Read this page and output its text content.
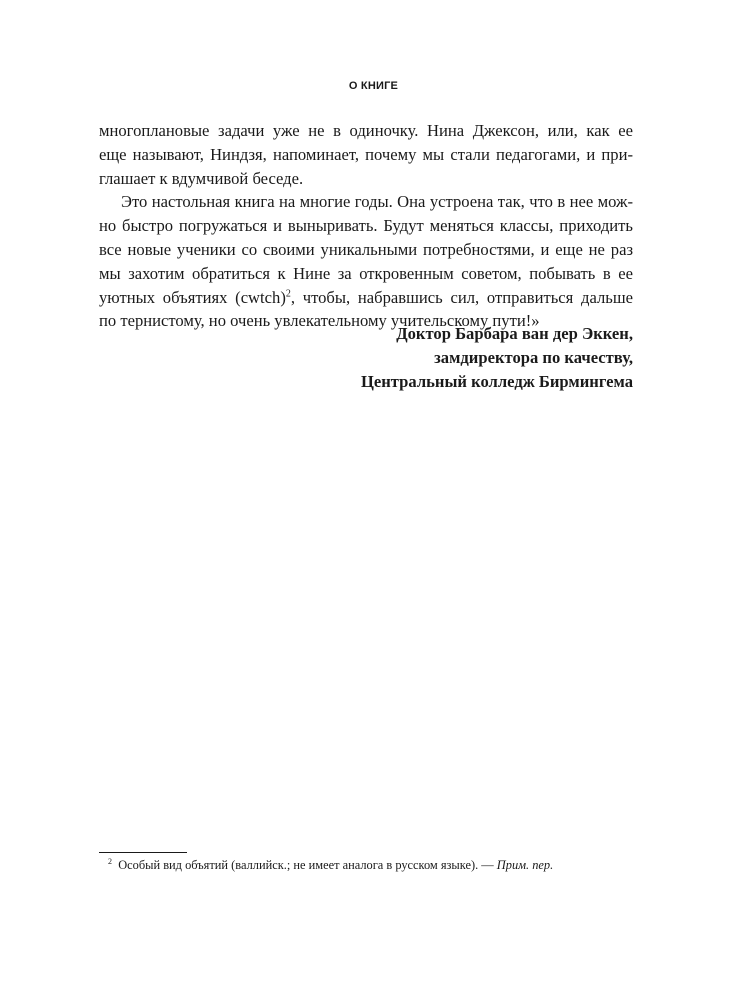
О КНИГЕ
многоплановые задачи уже не в одиночку. Нина Джексон, или, как ее
еще называют, Ниндзя, напоминает, почему мы стали педагогами, и при-
глашает к вдумчивой беседе.
Это настольная книга на многие годы. Она устроена так, что в нее мож-
но быстро погружаться и выныривать. Будут меняться классы, приходить
все новые ученики со своими уникальными потребностями, и еще не раз
мы захотим обратиться к Нине за откровенным советом, побывать в ее
уютных объятиях (cwtch)$^2$, чтобы, набравшись сил, отправиться дальше
по тернистому, но очень увлекательному учительскому пути!»
Доктор Барбара ван дер Эккен,
замдиректора по качеству,
Центральный колледж Бирмингема
$^2$ Особый вид объятий (валлийск.; не имеет аналога в русском языке). — Прим. пер.
